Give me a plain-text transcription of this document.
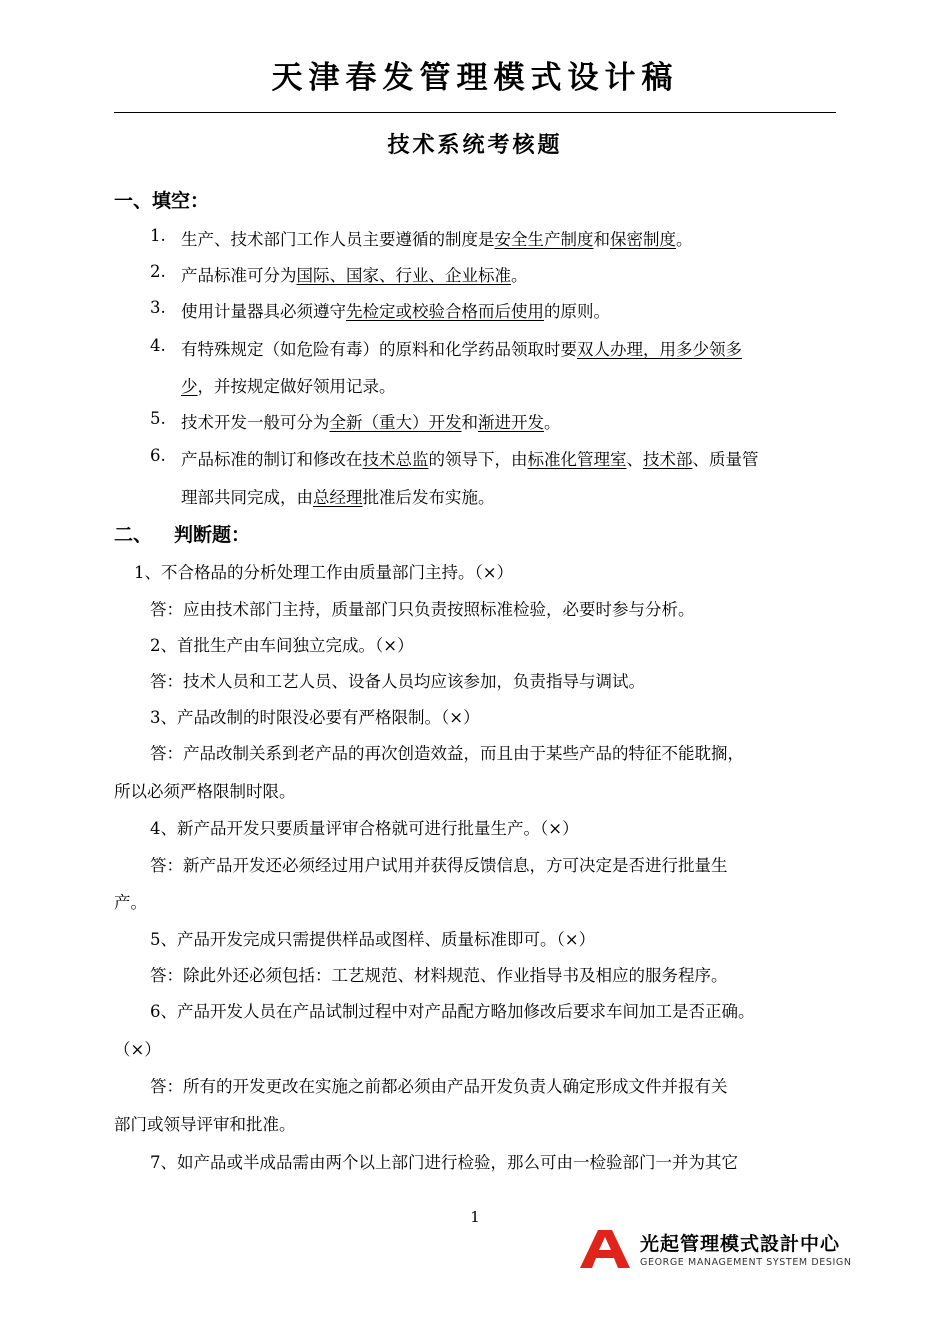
天津春发管理模式设计稿
技术系统考核题
一、填空：
1. 生产、技术部门工作人员主要遵循的制度是安全生产制度和保密制度。
2. 产品标准可分为国际、国家、行业、企业标准。
3. 使用计量器具必须遵守先检定或校验合格而后使用的原则。
4. 有特殊规定（如危险有毒）的原料和化学药品领取时要双人办理，用多少领多
少，并按规定做好领用记录。
5. 技术开发一般可分为全新（重大）开发和渐进开发。
6. 产品标准的制订和修改在技术总监的领导下，由标准化管理室、技术部、质量管
理部共同完成，由总经理批准后发布实施。
二、 判断题：
1、不合格品的分析处理工作由质量部门主持。（×）
答：应由技术部门主持，质量部门只负责按照标准检验，必要时参与分析。
2、首批生产由车间独立完成。（×）
答：技术人员和工艺人员、设备人员均应该参加，负责指导与调试。
3、产品改制的时限没必要有严格限制。（×）
答：产品改制关系到老产品的再次创造效益，而且由于某些产品的特征不能耽搁，
所以必须严格限制时限。
4、新产品开发只要质量评审合格就可进行批量生产。（×）
答：新产品开发还必须经过用户试用并获得反馈信息，方可决定是否进行批量生
产。
5、产品开发完成只需提供样品或图样、质量标准即可。（×）
答：除此外还必须包括：工艺规范、材料规范、作业指导书及相应的服务程序。
6、产品开发人员在产品试制过程中对产品配方略加修改后要求车间加工是否正确。
（×）
答：所有的开发更改在实施之前都必须由产品开发负责人确定形成文件并报有关
部门或领导评审和批准。
7、如产品或半成品需由两个以上部门进行检验，那么可由一检验部门一并为其它
1
光起管理模式設計中心
GEORGE MANAGEMENT SYSTEM DESIGN
